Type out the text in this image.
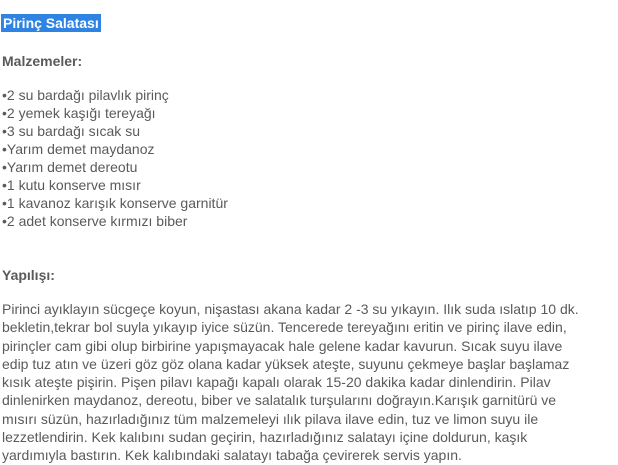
Pirinç Salatası
Malzemeler:
•2 su bardağı pilavlık pirinç
•2 yemek kaşığı tereyağı
•3 su bardağı sıcak su
•Yarım demet maydanoz
•Yarım demet dereotu
•1 kutu konserve mısır
•1 kavanoz karışık konserve garnitür
•2 adet konserve kırmızı biber
Yapılışı:

Pirinci ayıklayın sücgeçe koyun, nişastası akana kadar 2 -3 su yıkayın. Ilık suda ıslatıp 10 dk.
bekletin,tekrar bol suyla yıkayıp iyice süzün. Tencerede tereyağını eritin ve pirinç ilave edin,
pirinçler cam gibi olup birbirine yapışmayacak hale gelene kadar kavurun. Sıcak suyu ilave
edip tuz atın ve üzeri göz göz olana kadar yüksek ateşte, suyunu çekmeye başlar başlamaz
kısık ateşte pişirin. Pişen pilavı kapağı kapalı olarak 15-20 dakika kadar dinlendirin. Pilav
dinlenirken maydanoz, dereotu, biber ve salatalık turşularını doğrayın.Karışık garnitürü ve
mısırı süzün, hazırladığınız tüm malzemeleyi ılık pilava ilave edin, tuz ve limon suyu ile
lezzetlendirin. Kek kalıbını sudan geçirin, hazırladığınız salatayı içine doldurun, kaşık
yardımıyla bastırın. Kek kalıbındaki salatayı tabağa çevirerek servis yapın.
